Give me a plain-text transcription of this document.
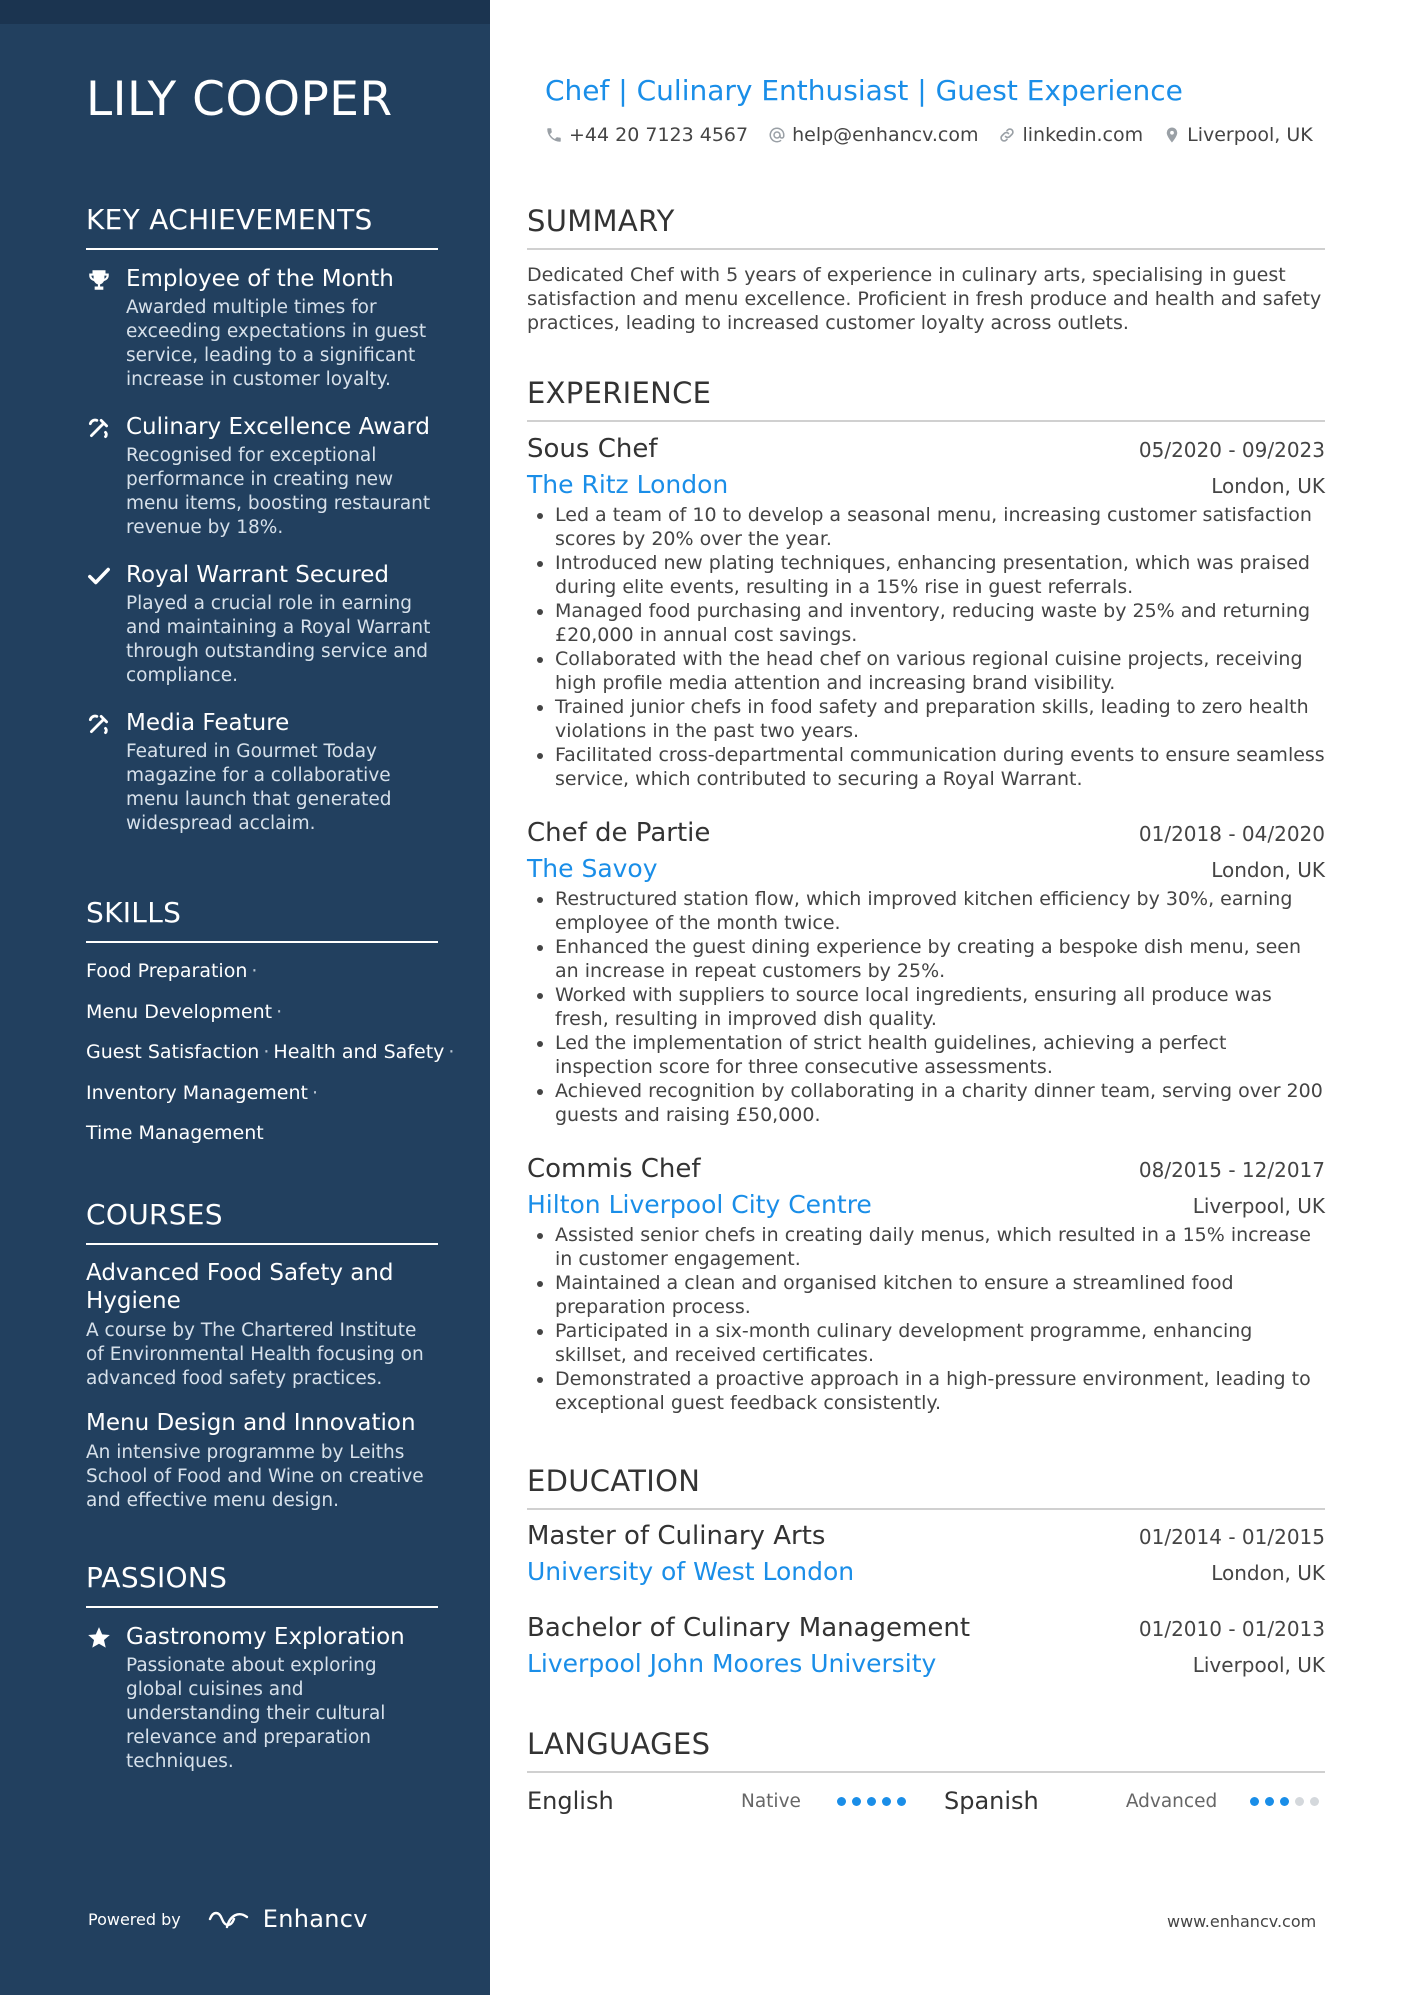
LILY COOPER
KEY ACHIEVEMENTS
Employee of the Month
Awarded multiple times for exceeding expectations in guest service, leading to a significant increase in customer loyalty.
Culinary Excellence Award
Recognised for exceptional performance in creating new menu items, boosting restaurant revenue by 18%.
Royal Warrant Secured
Played a crucial role in earning and maintaining a Royal Warrant through outstanding service and compliance.
Media Feature
Featured in Gourmet Today magazine for a collaborative menu launch that generated widespread acclaim.
SKILLS
Food Preparation ·
Menu Development ·
Guest Satisfaction · Health and Safety ·
Inventory Management ·
Time Management
COURSES
Advanced Food Safety and Hygiene
A course by The Chartered Institute of Environmental Health focusing on advanced food safety practices.
Menu Design and Innovation
An intensive programme by Leiths School of Food and Wine on creative and effective menu design.
PASSIONS
Gastronomy Exploration
Passionate about exploring global cuisines and understanding their cultural relevance and preparation techniques.
Powered by	Enhancv
Chef | Culinary Enthusiast | Guest Experience
+44 20 7123 4567 help@enhancv.com linkedin.com Liverpool, UK
SUMMARY
Dedicated Chef with 5 years of experience in culinary arts, specialising in guest satisfaction and menu excellence. Proficient in fresh produce and health and safety practices, leading to increased customer loyalty across outlets.
EXPERIENCE
Sous Chef	05/2020 - 09/2023
The Ritz London	London, UK
• Led a team of 10 to develop a seasonal menu, increasing customer satisfaction scores by 20% over the year.
• Introduced new plating techniques, enhancing presentation, which was praised during elite events, resulting in a 15% rise in guest referrals.
• Managed food purchasing and inventory, reducing waste by 25% and returning £20,000 in annual cost savings.
• Collaborated with the head chef on various regional cuisine projects, receiving high profile media attention and increasing brand visibility.
• Trained junior chefs in food safety and preparation skills, leading to zero health violations in the past two years.
• Facilitated cross-departmental communication during events to ensure seamless service, which contributed to securing a Royal Warrant.
Chef de Partie	01/2018 - 04/2020
The Savoy	London, UK
• Restructured station flow, which improved kitchen efficiency by 30%, earning employee of the month twice.
• Enhanced the guest dining experience by creating a bespoke dish menu, seen an increase in repeat customers by 25%.
• Worked with suppliers to source local ingredients, ensuring all produce was fresh, resulting in improved dish quality.
• Led the implementation of strict health guidelines, achieving a perfect inspection score for three consecutive assessments.
• Achieved recognition by collaborating in a charity dinner team, serving over 200 guests and raising £50,000.
Commis Chef	08/2015 - 12/2017
Hilton Liverpool City Centre	Liverpool, UK
• Assisted senior chefs in creating daily menus, which resulted in a 15% increase in customer engagement.
• Maintained a clean and organised kitchen to ensure a streamlined food preparation process.
• Participated in a six-month culinary development programme, enhancing skillset, and received certificates.
• Demonstrated a proactive approach in a high-pressure environment, leading to exceptional guest feedback consistently.
EDUCATION
Master of Culinary Arts	01/2014 - 01/2015
University of West London	London, UK
Bachelor of Culinary Management	01/2010 - 01/2013
Liverpool John Moores University	Liverpool, UK
LANGUAGES
English	Native	Spanish	Advanced
www.enhancv.com
